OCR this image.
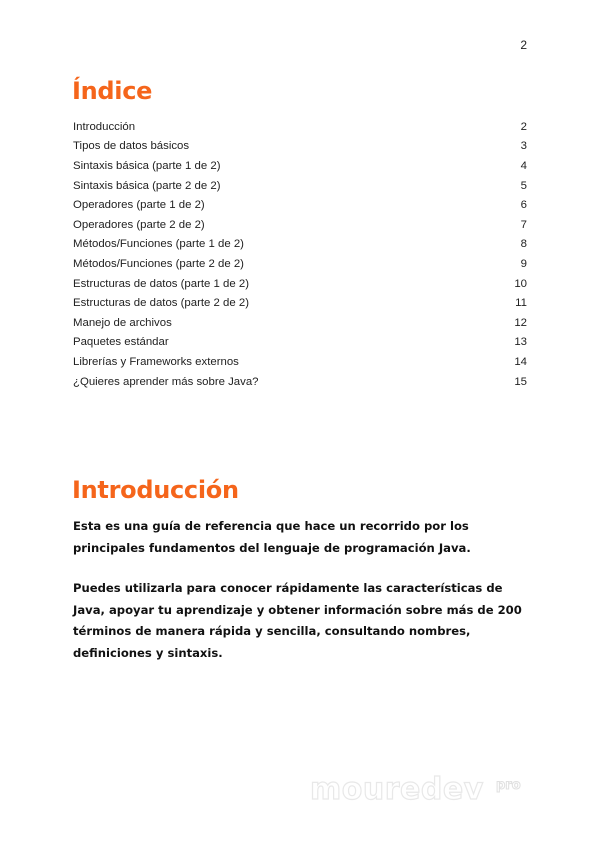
2
Índice
Introducción	2
Tipos de datos básicos	3
Sintaxis básica (parte 1 de 2)	4
Sintaxis básica (parte 2 de 2)	5
Operadores (parte 1 de 2)	6
Operadores (parte 2 de 2)	7
Métodos/Funciones (parte 1 de 2)	8
Métodos/Funciones (parte 2 de 2)	9
Estructuras de datos (parte 1 de 2)	10
Estructuras de datos (parte 2 de 2)	11
Manejo de archivos	12
Paquetes estándar	13
Librerías y Frameworks externos	14
¿Quieres aprender más sobre Java?	15
Introducción

Esta es una guía de referencia que hace un recorrido por los principales fundamentos del lenguaje de programación Java.

Puedes utilizarla para conocer rápidamente las características de Java, apoyar tu aprendizaje y obtener información sobre más de 200 términos de manera rápida y sencilla, consultando nombres, definiciones y sintaxis.

mouredev pro
